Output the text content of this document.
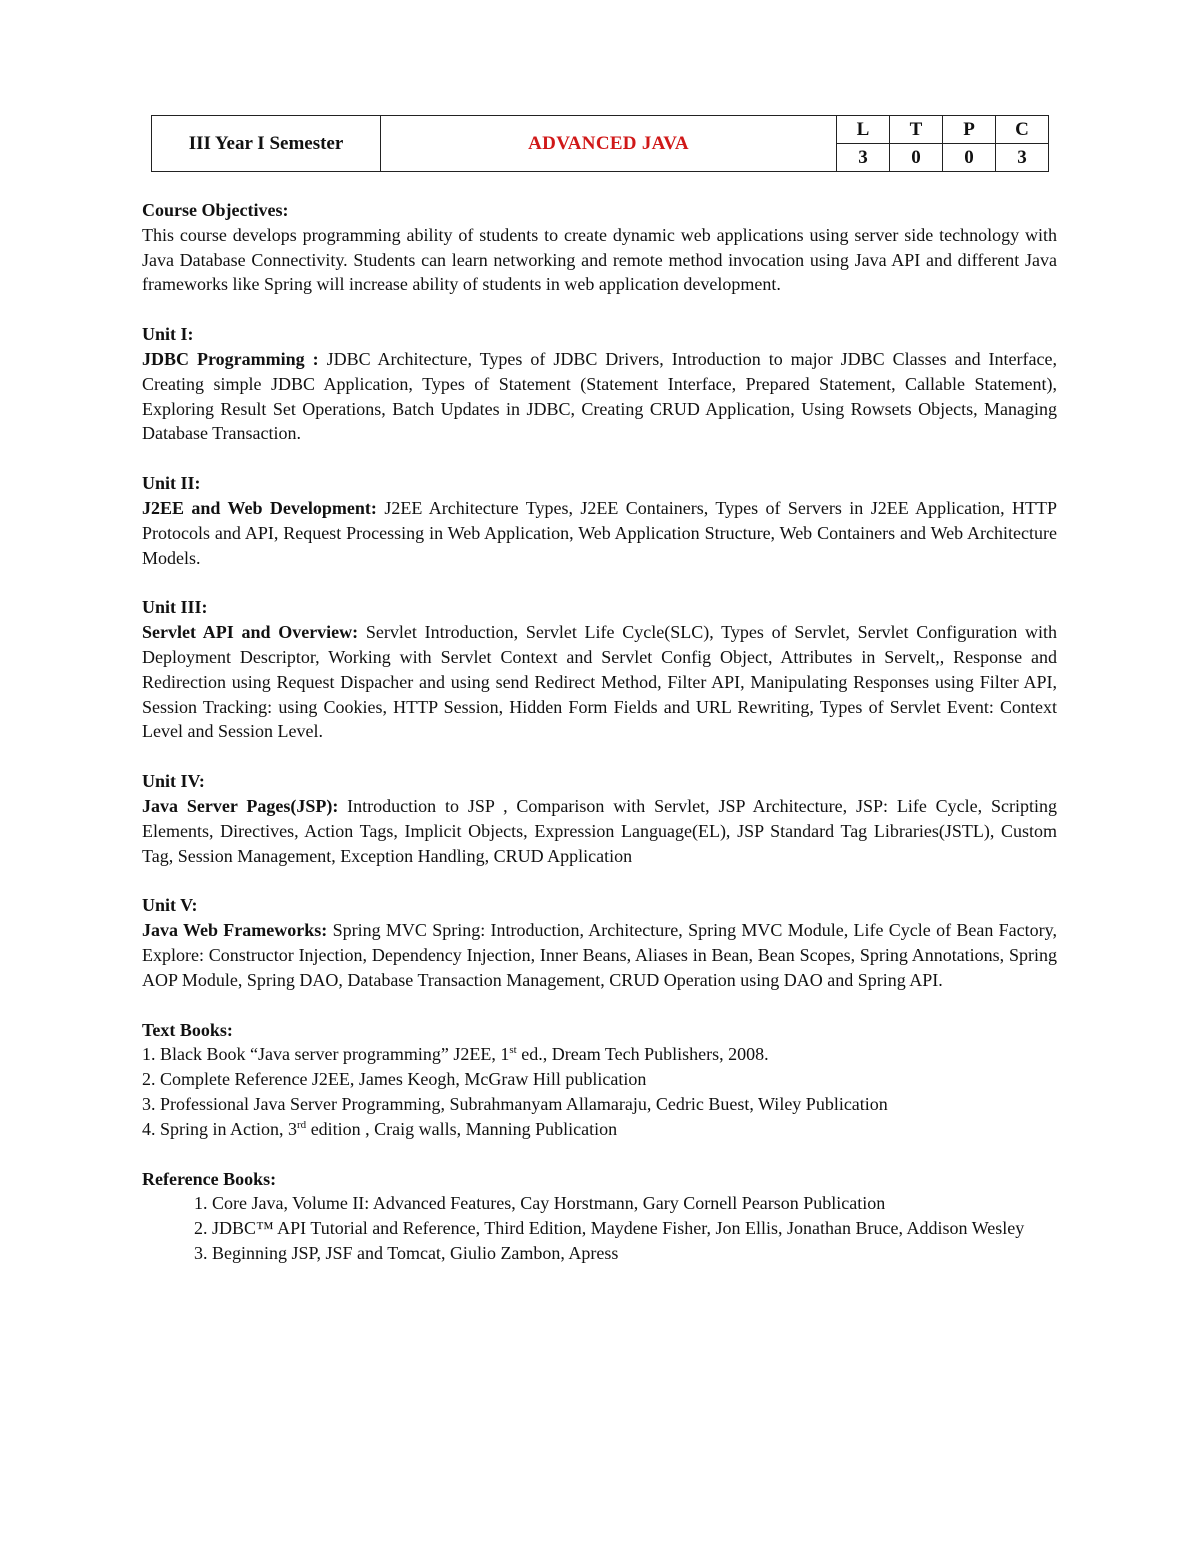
III Year I Semester	ADVANCED JAVA	L	T	P	C
		3	0	0	3

Course Objectives:

This course develops programming ability of students to create dynamic web applications using server side technology with Java Database Connectivity. Students can learn networking and remote method invocation using Java API and different Java frameworks like Spring will increase ability of students in web application development.

Unit I:

JDBC Programming : JDBC Architecture, Types of JDBC Drivers, Introduction to major JDBC Classes and Interface, Creating simple JDBC Application, Types of Statement (Statement Interface, Prepared Statement, Callable Statement), Exploring Result Set Operations, Batch Updates in JDBC, Creating CRUD Application, Using Rowsets Objects, Managing Database Transaction.

Unit II:

J2EE and Web Development: J2EE Architecture Types, J2EE Containers, Types of Servers in J2EE Application, HTTP Protocols and API, Request Processing in Web Application, Web Application Structure, Web Containers and Web Architecture Models.

Unit III:

Servlet API and Overview: Servlet Introduction, Servlet Life Cycle(SLC), Types of Servlet, Servlet Configuration with Deployment Descriptor, Working with Servlet Context and Servlet Config Object, Attributes in Servelt,, Response and Redirection using Request Dispacher and using send Redirect Method, Filter API, Manipulating Responses using Filter API, Session Tracking: using Cookies, HTTP Session, Hidden Form Fields and URL Rewriting, Types of Servlet Event: Context Level and Session Level.

Unit IV:

Java Server Pages(JSP): Introduction to JSP , Comparison with Servlet, JSP Architecture, JSP: Life Cycle, Scripting Elements, Directives, Action Tags, Implicit Objects, Expression Language(EL), JSP Standard Tag Libraries(JSTL), Custom Tag, Session Management, Exception Handling, CRUD Application

Unit V:

Java Web Frameworks: Spring MVC Spring: Introduction, Architecture, Spring MVC Module, Life Cycle of Bean Factory, Explore: Constructor Injection, Dependency Injection, Inner Beans, Aliases in Bean, Bean Scopes, Spring Annotations, Spring AOP Module, Spring DAO, Database Transaction Management, CRUD Operation using DAO and Spring API.

Text Books:

1. Black Book “Java server programming” J2EE, 1st ed., Dream Tech Publishers, 2008.
2. Complete Reference J2EE, James Keogh, McGraw Hill publication
3. Professional Java Server Programming, Subrahmanyam Allamaraju, Cedric Buest, Wiley Publication
4. Spring in Action, 3rd edition , Craig walls, Manning Publication

Reference Books:

1. Core Java, Volume II: Advanced Features, Cay Horstmann, Gary Cornell Pearson Publication
2. JDBC™ API Tutorial and Reference, Third Edition, Maydene Fisher, Jon Ellis, Jonathan Bruce, Addison Wesley
3. Beginning JSP, JSF and Tomcat, Giulio Zambon, Apress
